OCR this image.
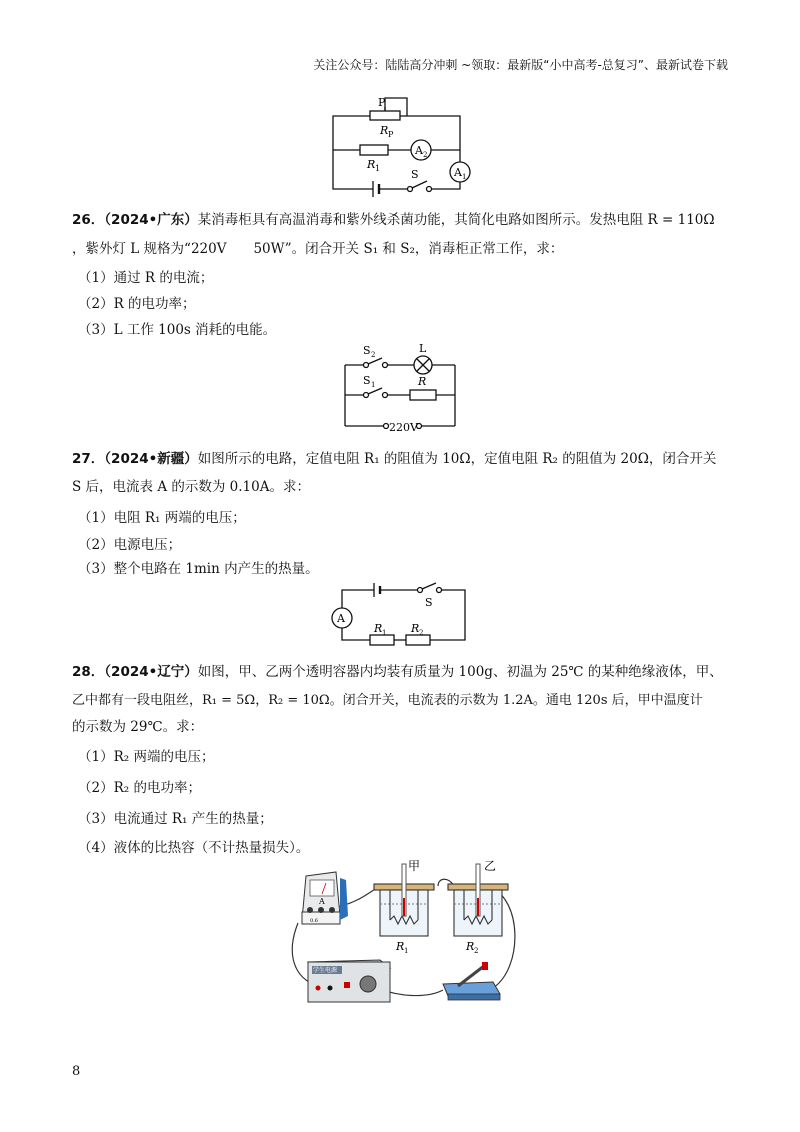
关注公众号：陆陆高分冲刺 ~领取：最新版“小中高考-总复习”、最新试卷下载
P
R P
R 1
A 2
A 1
S
26．（2024•广东）某消毒柜具有高温消毒和紫外线杀菌功能，其简化电路如图所示。发热电阻 R = 110Ω
，紫外灯 L 规格为“220V　　50W”。闭合开关 S₁ 和 S₂，消毒柜正常工作，求：
（1）通过 R 的电流；
（2）R 的电功率；
（3）L 工作 100s 消耗的电能。
S 2	L
S 1	R
220V
27．（2024•新疆）如图所示的电路，定值电阻 R₁ 的阻值为 10Ω，定值电阻 R₂ 的阻值为 20Ω，闭合开关
S 后，电流表 A 的示数为 0.10A。求：
（1）电阻 R₁ 两端的电压；
（2）电源电压；
（3）整个电路在 1min 内产生的热量。
A
S
R 1 R 2
28．（2024•辽宁）如图，甲、乙两个透明容器内均装有质量为 100g、初温为 25℃ 的某种绝缘液体，甲、
乙中都有一段电阻丝，R₁ = 5Ω，R₂ = 10Ω。闭合开关，电流表的示数为 1.2A。通电 120s 后，甲中温度计
的示数为 29℃。求：
（1）R₂ 两端的电压；
（2）R₂ 的电功率；
（3）电流通过 R₁ 产生的热量；
（4）液体的比热容（不计热量损失）。
A
0.6
甲	乙
R 1	R 2
学生电源
8
